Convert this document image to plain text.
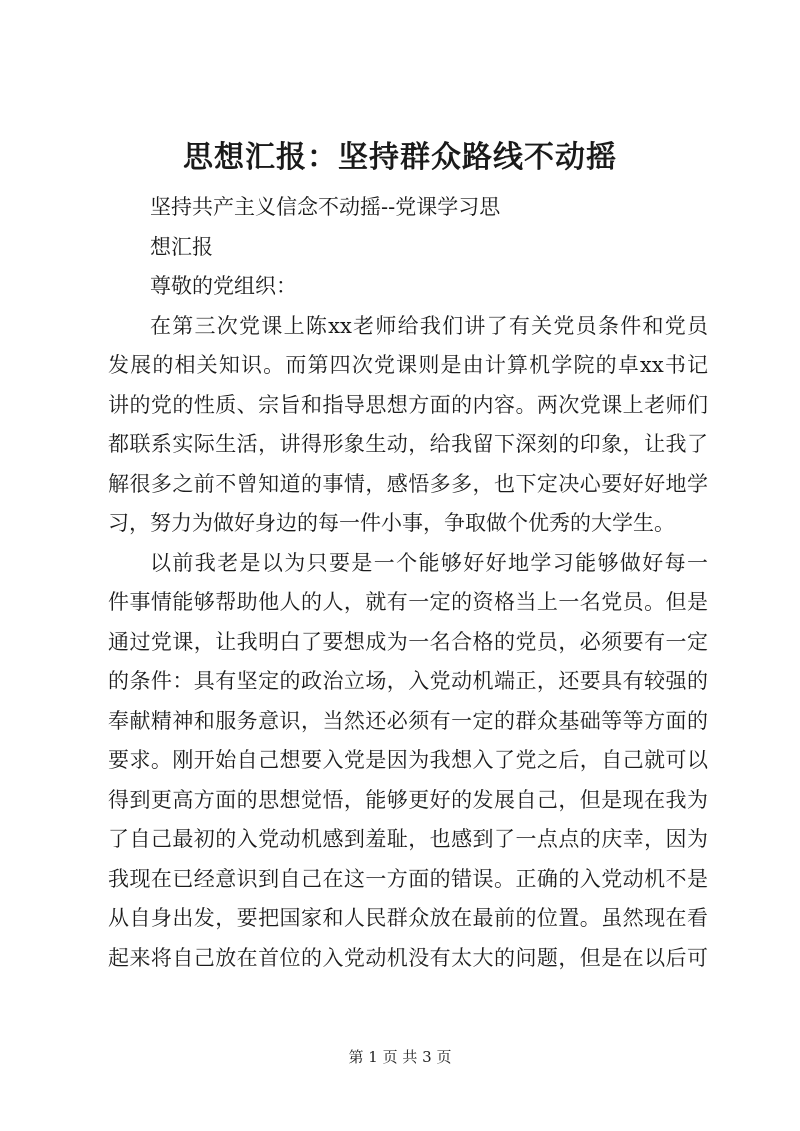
思想汇报：坚持群众路线不动摇
坚持共产主义信念不动摇--党课学习思
想汇报
尊敬的党组织：
在第三次党课上陈xx老师给我们讲了有关党员条件和党员
发展的相关知识。而第四次党课则是由计算机学院的卓xx书记
讲的党的性质、宗旨和指导思想方面的内容。两次党课上老师们
都联系实际生活，讲得形象生动，给我留下深刻的印象，让我了
解很多之前不曾知道的事情，感悟多多，也下定决心要好好地学
习，努力为做好身边的每一件小事，争取做个优秀的大学生。
以前我老是以为只要是一个能够好好地学习能够做好每一
件事情能够帮助他人的人，就有一定的资格当上一名党员。但是
通过党课，让我明白了要想成为一名合格的党员，必须要有一定
的条件：具有坚定的政治立场，入党动机端正，还要具有较强的
奉献精神和服务意识，当然还必须有一定的群众基础等等方面的
要求。刚开始自己想要入党是因为我想入了党之后，自己就可以
得到更高方面的思想觉悟，能够更好的发展自己，但是现在我为
了自己最初的入党动机感到羞耻，也感到了一点点的庆幸，因为
我现在已经意识到自己在这一方面的错误。正确的入党动机不是
从自身出发，要把国家和人民群众放在最前的位置。虽然现在看
起来将自己放在首位的入党动机没有太大的问题，但是在以后可
第 1 页 共 3 页
